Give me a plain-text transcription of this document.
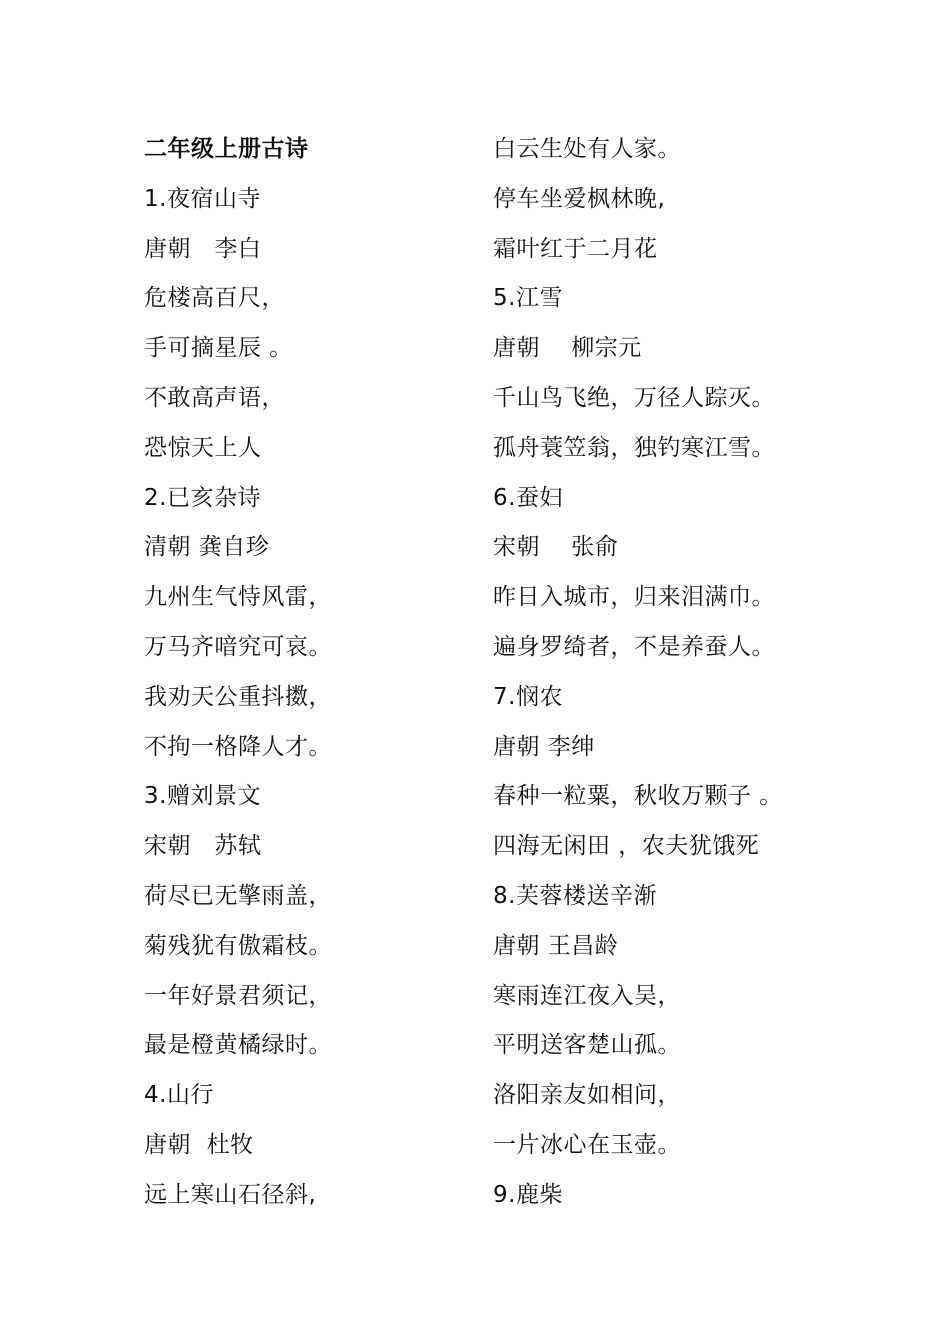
二年级上册古诗
1.夜宿山寺
唐朝   李白
危楼高百尺，
手可摘星辰 。
不敢高声语，
恐惊天上人
2.已亥杂诗
清朝 龚自珍
九州生气恃风雷，
万马齐喑究可哀。
我劝天公重抖擞，
不拘一格降人才。
3.赠刘景文
宋朝   苏轼
荷尽已无擎雨盖，
菊残犹有傲霜枝。
一年好景君须记，
最是橙黄橘绿时。
4.山行
唐朝  杜牧
远上寒山石径斜,
白云生处有人家。
停车坐爱枫林晚,
霜叶红于二月花
5.江雪
唐朝    柳宗元
千山鸟飞绝，万径人踪灭。
孤舟蓑笠翁，独钓寒江雪。
6.蚕妇
宋朝    张俞
昨日入城市，归来泪满巾。
遍身罗绮者，不是养蚕人。
7.悯农
唐朝 李绅
春种一粒粟，秋收万颗子 。
四海无闲田 ，农夫犹饿死
8.芙蓉楼送辛渐
唐朝 王昌龄
寒雨连江夜入吴，
平明送客楚山孤。
洛阳亲友如相问，
一片冰心在玉壶。
9.鹿柴
